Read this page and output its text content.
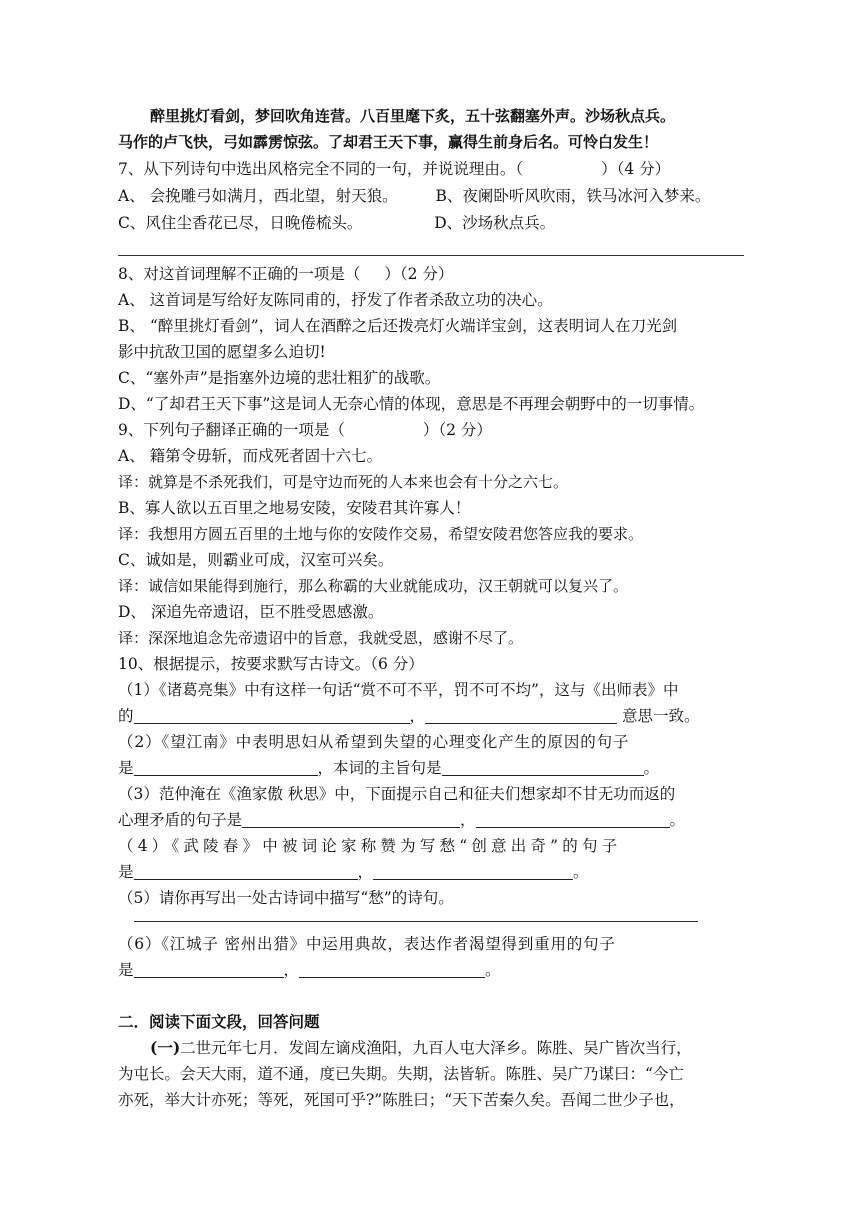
醉里挑灯看剑，梦回吹角连营。八百里麾下炙，五十弦翻塞外声。沙场秋点兵。
马作的卢飞快，弓如霹雳惊弦。了却君王天下事，赢得生前身后名。可怜白发生！
7、从下列诗句中选出风格完全不同的一句，并说说理由。（	）（4 分）
A、 会挽雕弓如满月，西北望，射天狼。 B、夜阑卧听风吹雨，铁马冰河入梦来。
C、风住尘香花已尽，日晚倦梳头。	D、沙场秋点兵。
8、对这首词理解不正确的一项是（ ）（2 分）
A、 这首词是写给好友陈同甫的，抒发了作者杀敌立功的决心。
B、 “醉里挑灯看剑”，词人在酒醉之后还拨亮灯火端详宝剑，这表明词人在刀光剑
影中抗敌卫国的愿望多么迫切!
C、“塞外声”是指塞外边境的悲壮粗犷的战歌。
D、“了却君王天下事”这是词人无奈心情的体现，意思是不再理会朝野中的一切事情。
9、下列句子翻译正确的一项是（	）（2 分）
A、 籍第令毋斩，而戍死者固十六七。
译：就算是不杀死我们，可是守边而死的人本来也会有十分之六七。
B、寡人欲以五百里之地易安陵，安陵君其许寡人！
译：我想用方圆五百里的土地与你的安陵作交易，希望安陵君您答应我的要求。
C、诚如是，则霸业可成，汉室可兴矣。
译：诚信如果能得到施行，那么称霸的大业就能成功，汉王朝就可以复兴了。
D、 深追先帝遗诏，臣不胜受恩感激。
译：深深地追念先帝遗诏中的旨意，我就受恩，感谢不尽了。
10、根据提示，按要求默写古诗文。（6 分）
（1）《诸葛亮集》中有这样一句话“赏不可不平，罚不可不均”，这与《出师表》中
的	，	意思一致。
（2）《望江南》中表明思妇从希望到失望的心理变化产生的原因的句子
是	，本词的主旨句是	。
（3）范仲淹在《渔家傲 秋思》中，下面提示自己和征夫们想家却不甘无功而返的
心理矛盾的句子是	，	。
（4）《武陵春》中被词论家称赞为写愁“创意出奇”的句子
是	，	。
（5）请你再写出一处古诗词中描写“愁”的诗句。
（6）《江城子 密州出猎》中运用典故，表达作者渴望得到重用的句子
是	，	。
二．阅读下面文段，回答问题
(一)二世元年七月．发闾左谪戍渔阳，九百人屯大泽乡。陈胜、吴广皆次当行，
为屯长。会天大雨，道不通，度已失期。失期，法皆斩。陈胜、吴广乃谋曰：“今亡
亦死，举大计亦死；等死，死国可乎?”陈胜曰；“天下苦秦久矣。吾闻二世少子也，
